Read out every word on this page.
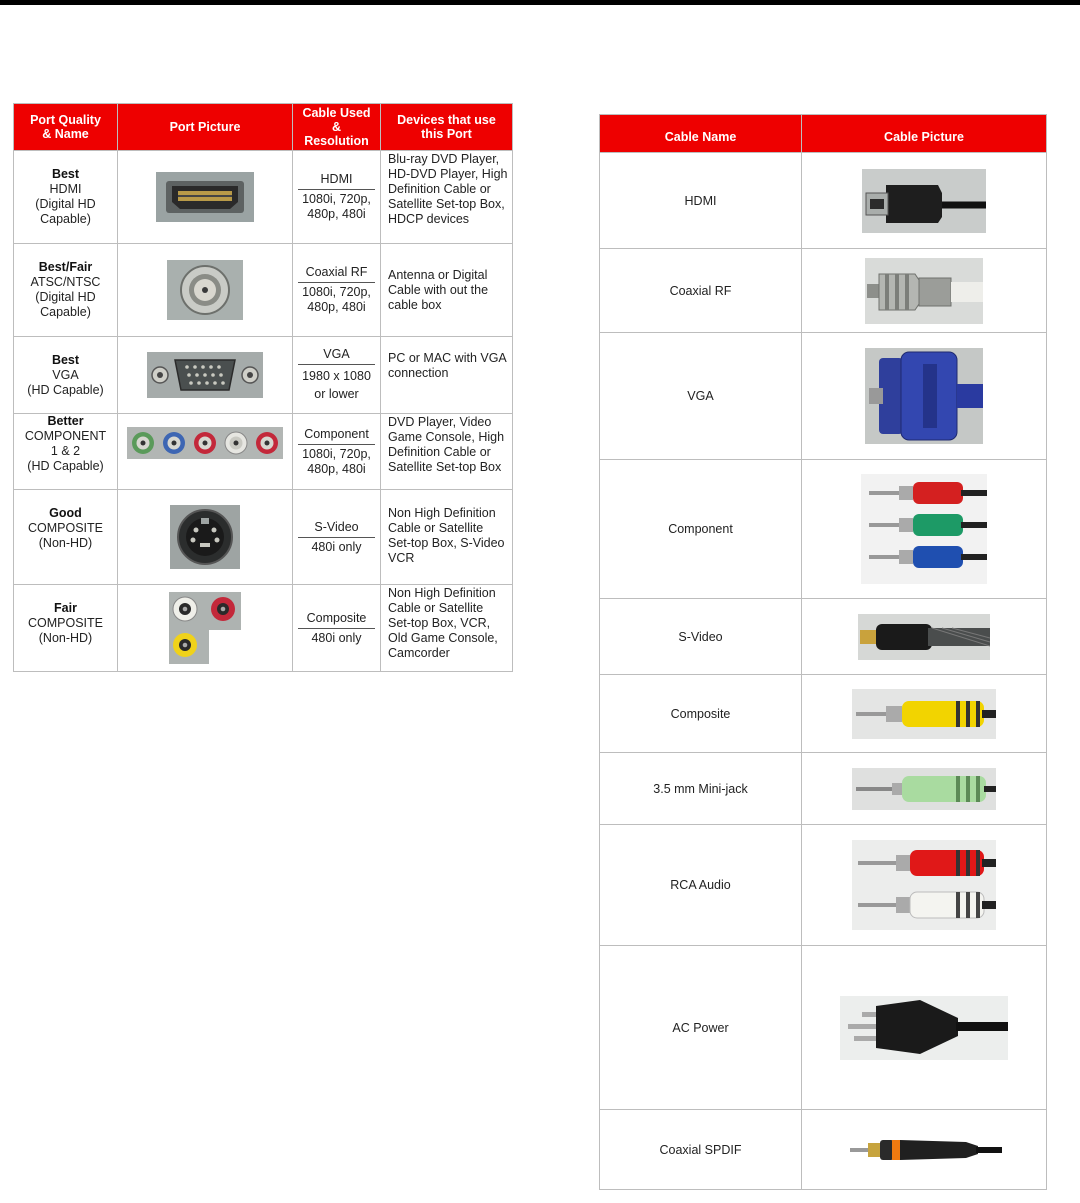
Port Quality
& Name	Port Picture	Cable Used
&
Resolution	Devices that use
this Port

Best
HDMI
(Digital HD
Capable)		HDMI
1080i, 720p, 480p, 480i	Blu-ray DVD Player, HD-DVD Player, High Definition Cable or Satellite Set-top Box, HDCP devices

Best/Fair
ATSC/NTSC
(Digital HD
Capable)		Coaxial RF
1080i, 720p, 480p, 480i	Antenna or Digital Cable with out the cable box

Best
VGA
(HD Capable)		VGA
1980 x 1080 or lower	PC or MAC with VGA connection

Better
COMPONENT
1 & 2
(HD Capable)		Component
1080i, 720p, 480p, 480i	DVD Player, Video Game Console, High Definition Cable or Satellite Set-top Box

Good
COMPOSITE
(Non-HD)		S-Video
480i only	Non High Definition Cable or Satellite Set-top Box, S-Video VCR

Fair
COMPOSITE
(Non-HD)		Composite
480i only	Non High Definition Cable or Satellite Set-top Box, VCR, Old Game Console, Camcorder
Cable Name	Cable Picture
HDMI	

Coaxial RF	

VGA	

Component	

S-Video	

Composite	

3.5 mm Mini-jack	

RCA Audio	

AC Power	

Coaxial SPDIF	
